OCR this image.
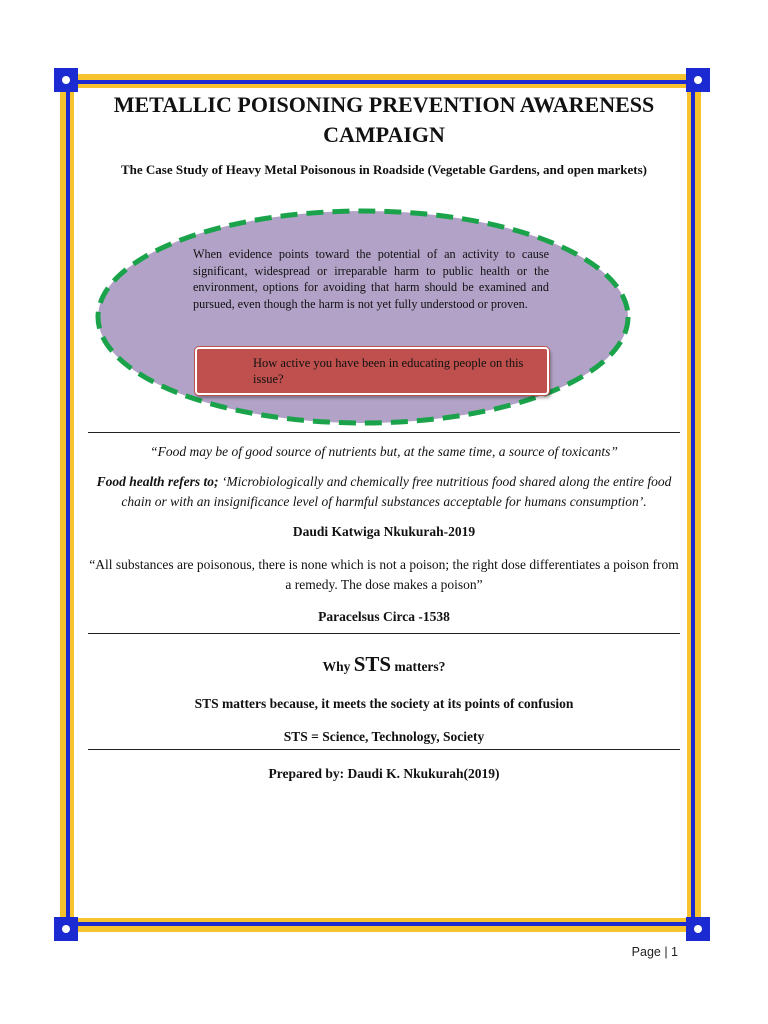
METALLIC POISONING PREVENTION AWARENESS CAMPAIGN

The Case Study of Heavy Metal Poisonous in Roadside (Vegetable Gardens, and open markets)

When evidence points toward the potential of an activity to cause significant, widespread or irreparable harm to public health or the environment, options for avoiding that harm should be examined and pursued, even though the harm is not yet fully understood or proven.
How active you have been in educating people on this issue?

“Food may be of good source of nutrients but, at the same time, a source of toxicants”

Food health refers to; ‘Microbiologically and chemically free nutritious food shared along the entire food chain or with an insignificance level of harmful substances acceptable for humans consumption’.

Daudi Katwiga Nkukurah-2019

“All substances are poisonous, there is none which is not a poison; the right dose differentiates a poison from a remedy. The dose makes a poison”

Paracelsus Circa -1538

Why STS matters?

STS matters because, it meets the society at its points of confusion

STS = Science, Technology, Society

Prepared by: Daudi K. Nkukurah(2019)

Page | 1
